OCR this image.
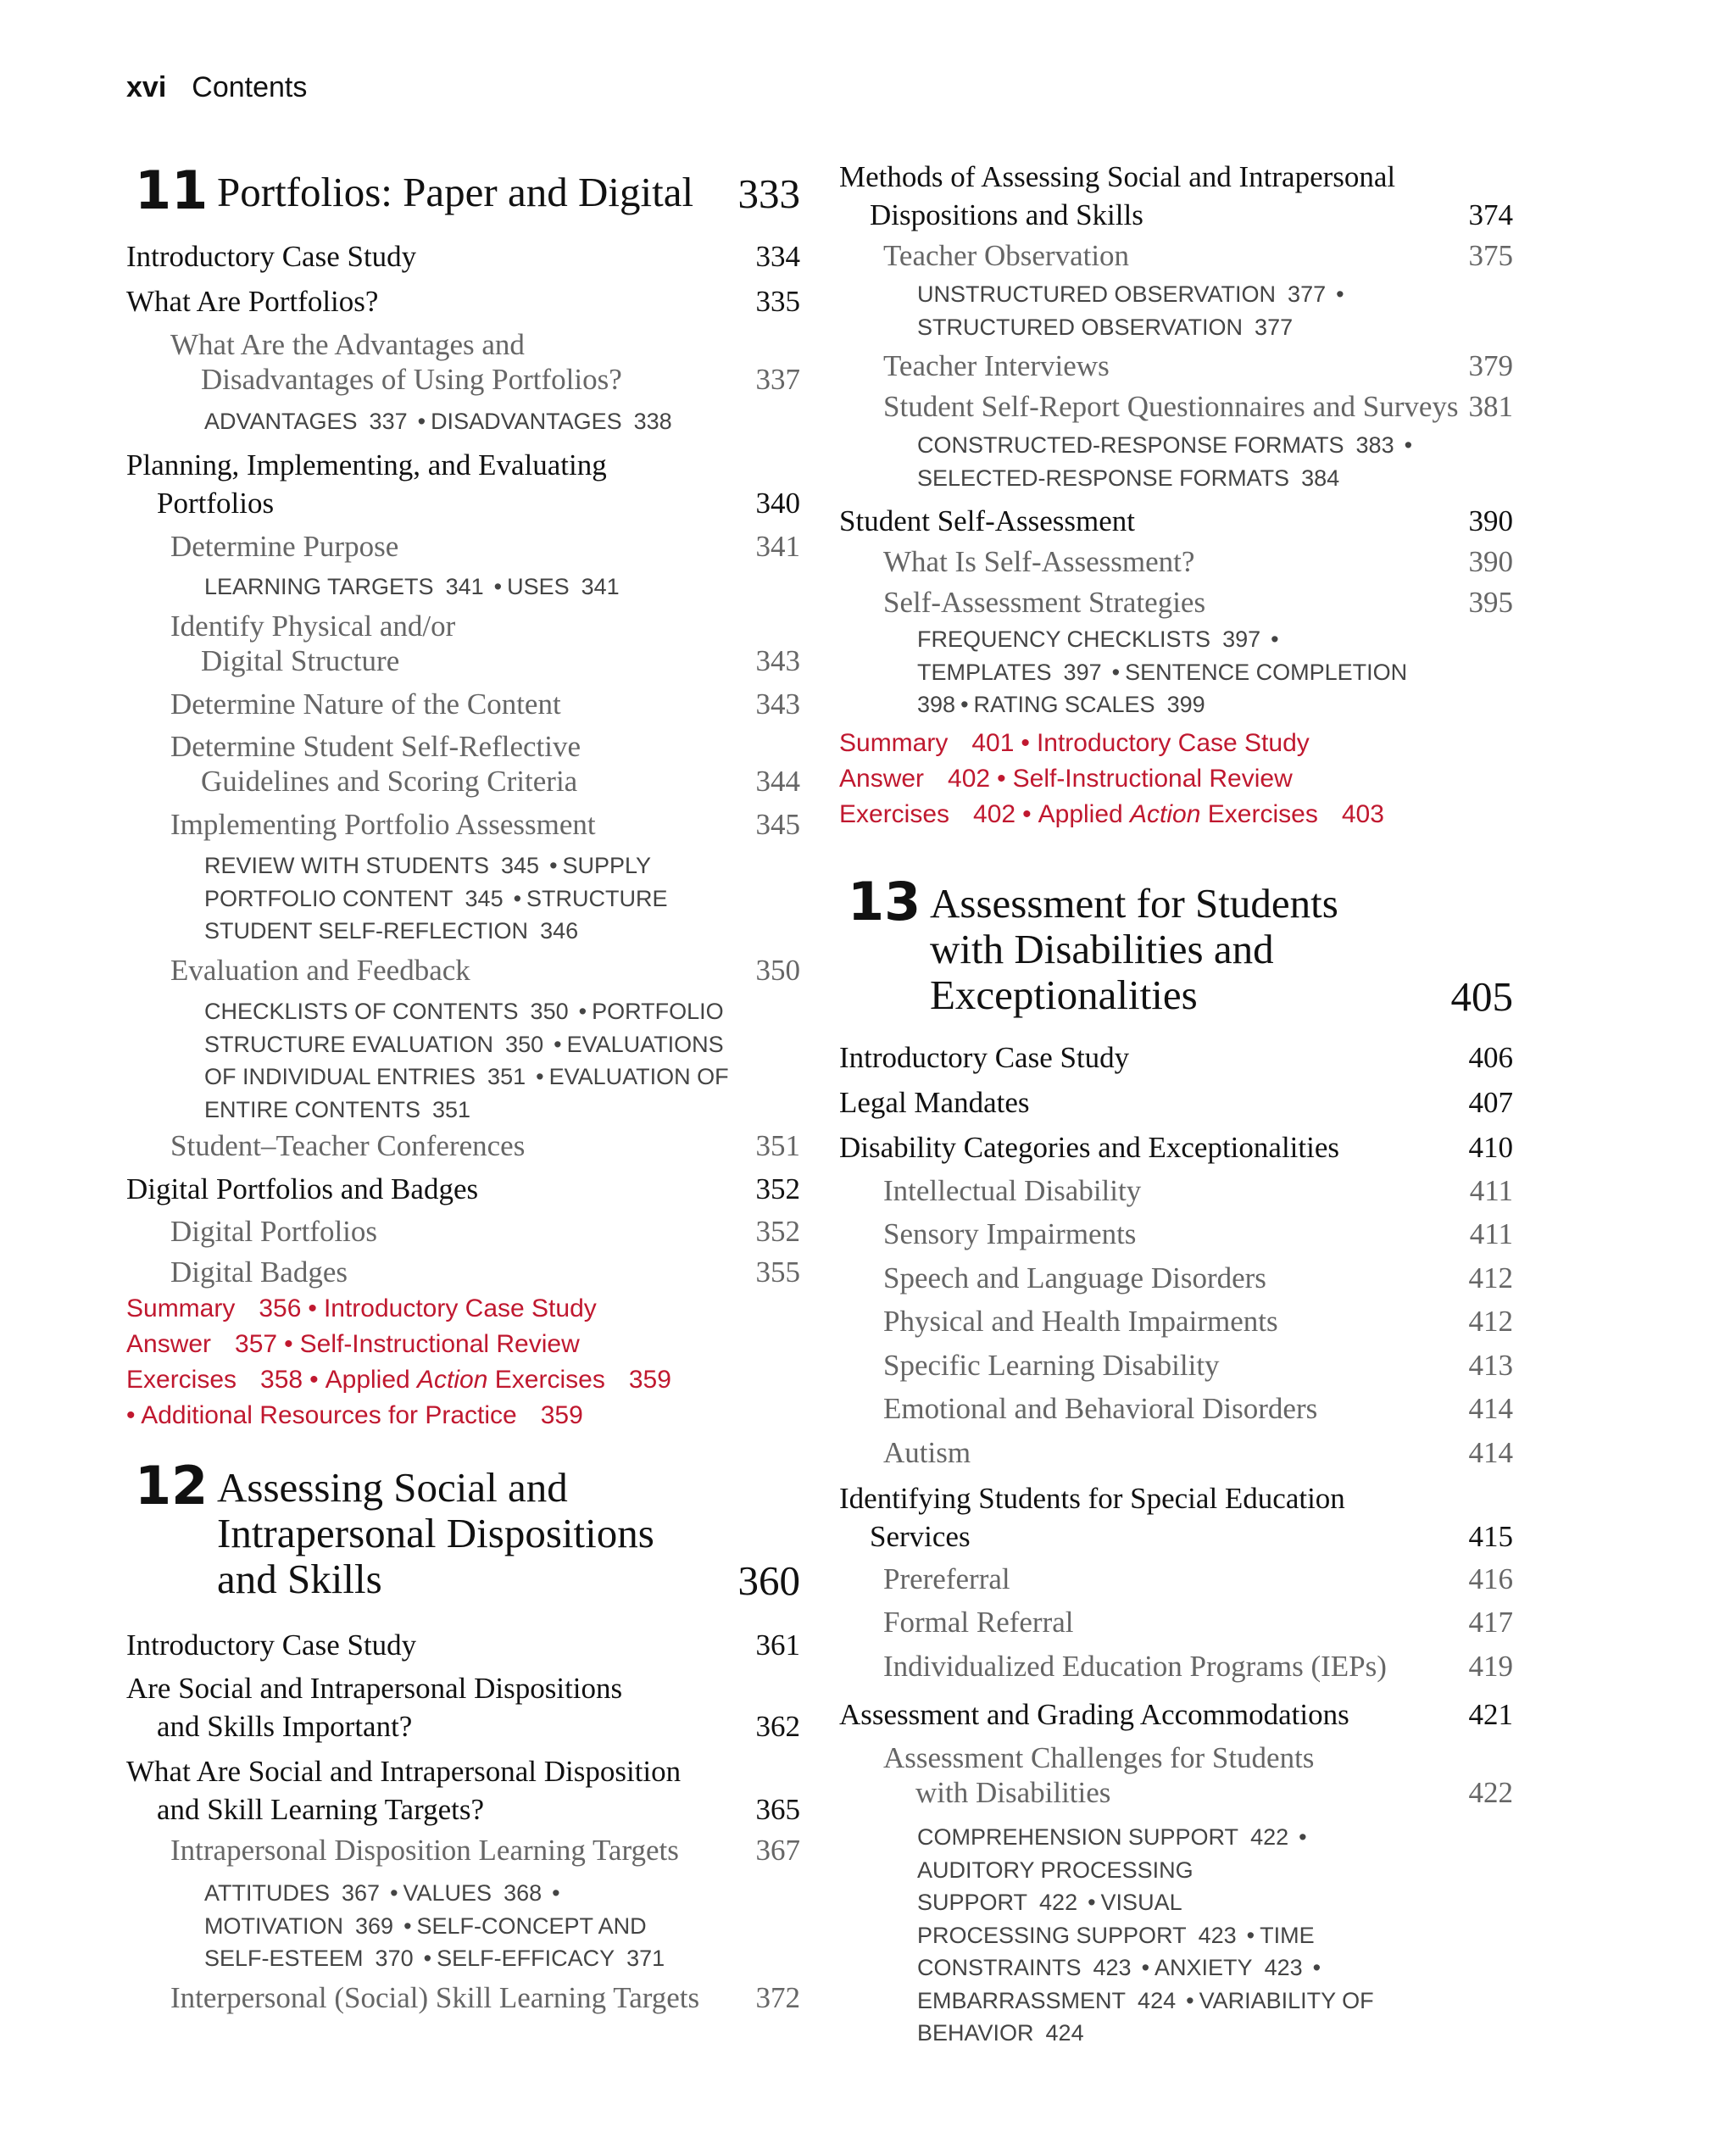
xvi Contents
11 Portfolios: Paper and Digital 333
Introductory Case Study	334
What Are Portfolios?	335
What Are the Advantages and
Disadvantages of Using Portfolios?	337
ADVANTAGES 337 • DISADVANTAGES 338
Planning, Implementing, and Evaluating
Portfolios	340
Determine Purpose	341
LEARNING TARGETS 341 • USES 341
Identify Physical and/or
Digital Structure	343
Determine Nature of the Content	343
Determine Student Self-Reflective
Guidelines and Scoring Criteria	344
Implementing Portfolio Assessment	345
REVIEW WITH STUDENTS 345 • SUPPLY
PORTFOLIO CONTENT 345 • STRUCTURE
STUDENT SELF-REFLECTION 346
Evaluation and Feedback	350
CHECKLISTS OF CONTENTS 350 • PORTFOLIO
STRUCTURE EVALUATION 350 • EVALUATIONS
OF INDIVIDUAL ENTRIES 351 • EVALUATION OF
ENTIRE CONTENTS 351
Student–Teacher Conferences	351
Digital Portfolios and Badges	352
Digital Portfolios	352
Digital Badges	355
Summary 356 • Introductory Case Study
Answer 357 • Self-Instructional Review
Exercises 358 • Applied Action Exercises 359
• Additional Resources for Practice 359
12 Assessing Social and
Intrapersonal Dispositions
and Skills	360
Introductory Case Study	361
Are Social and Intrapersonal Dispositions
and Skills Important?	362
What Are Social and Intrapersonal Disposition
and Skill Learning Targets?	365
Intrapersonal Disposition Learning Targets	367
ATTITUDES 367 • VALUES 368 •
MOTIVATION 369 • SELF-CONCEPT AND
SELF-ESTEEM 370 • SELF-EFFICACY 371
Interpersonal (Social) Skill Learning Targets 372
Methods of Assessing Social and Intrapersonal
Dispositions and Skills	374
Teacher Observation	375
UNSTRUCTURED OBSERVATION 377 •
STRUCTURED OBSERVATION 377
Teacher Interviews	379
Student Self-Report Questionnaires and Surveys 381
CONSTRUCTED-RESPONSE FORMATS 383 •
SELECTED-RESPONSE FORMATS 384
Student Self-Assessment	390
What Is Self-Assessment?	390
Self-Assessment Strategies	395
FREQUENCY CHECKLISTS 397 •
TEMPLATES 397 • SENTENCE COMPLETION
398 • RATING SCALES 399
Summary 401 • Introductory Case Study
Answer 402 • Self-Instructional Review
Exercises 402 • Applied Action Exercises 403
13 Assessment for Students
with Disabilities and
Exceptionalities	405
Introductory Case Study	406
Legal Mandates	407
Disability Categories and Exceptionalities	410
Intellectual Disability	411
Sensory Impairments	411
Speech and Language Disorders	412
Physical and Health Impairments	412
Specific Learning Disability	413
Emotional and Behavioral Disorders	414
Autism	414
Identifying Students for Special Education
Services	415
Prereferral	416
Formal Referral	417
Individualized Education Programs (IEPs)	419
Assessment and Grading Accommodations	421
Assessment Challenges for Students
with Disabilities	422
COMPREHENSION SUPPORT 422 •
AUDITORY PROCESSING SUPPORT 422 • VISUAL
PROCESSING SUPPORT 423 • TIME
CONSTRAINTS 423 • ANXIETY 423 •
EMBARRASSMENT 424 • VARIABILITY OF
BEHAVIOR 424
